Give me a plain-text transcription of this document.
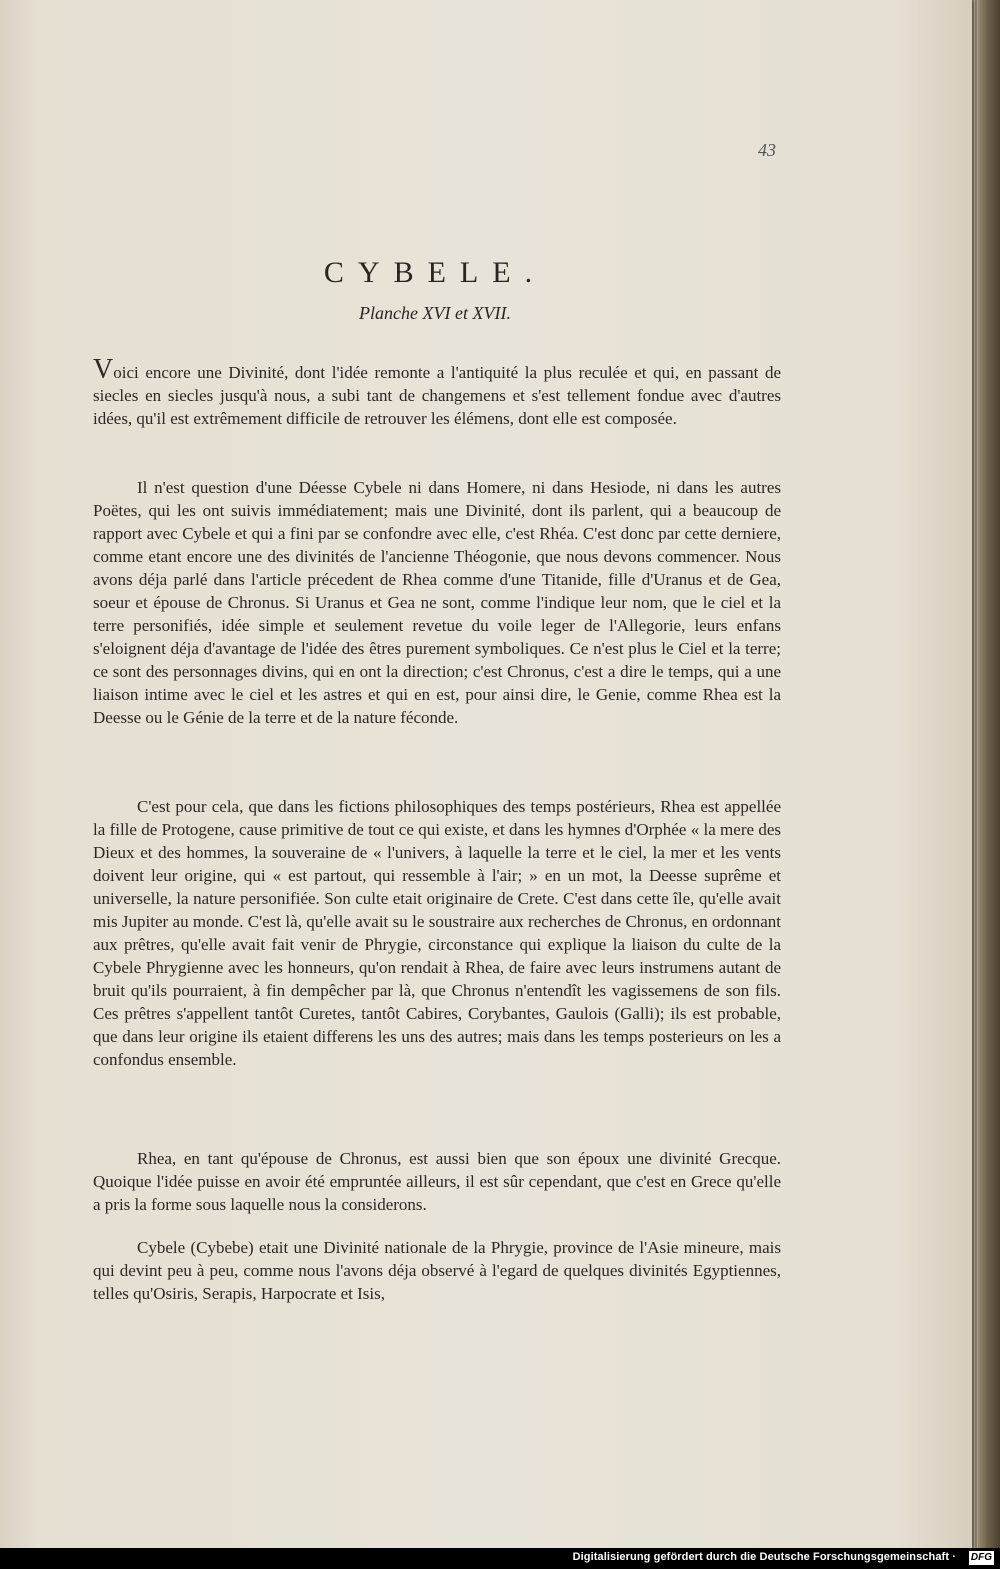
43
CYBELE.
Planche XVI et XVII.

Voici encore une Divinité, dont l'idée remonte a l'antiquité la plus reculée et qui, en passant de siecles en siecles jusqu'à nous, a subi tant de changemens et s'est tellement fondue avec d'autres idées, qu'il est extrêmement difficile de retrouver les élémens, dont elle est composée.

Il n'est question d'une Déesse Cybele ni dans Homere, ni dans Hesiode, ni dans les autres Poëtes, qui les ont suivis immédiatement; mais une Divinité, dont ils parlent, qui a beaucoup de rapport avec Cybele et qui a fini par se confondre avec elle, c'est Rhéa. C'est donc par cette derniere, comme etant encore une des divinités de l'ancienne Théogonie, que nous devons commencer. Nous avons déja parlé dans l'article précedent de Rhea comme d'une Titanide, fille d'Uranus et de Gea, soeur et épouse de Chronus. Si Uranus et Gea ne sont, comme l'indique leur nom, que le ciel et la terre personifiés, idée simple et seulement revetue du voile leger de l'Allegorie, leurs enfans s'eloignent déja d'avantage de l'idée des êtres purement symboliques. Ce n'est plus le Ciel et la terre; ce sont des personnages divins, qui en ont la direction; c'est Chronus, c'est a dire le temps, qui a une liaison intime avec le ciel et les astres et qui en est, pour ainsi dire, le Genie, comme Rhea est la Deesse ou le Génie de la terre et de la nature féconde.

C'est pour cela, que dans les fictions philosophiques des temps postérieurs, Rhea est appellée la fille de Protogene, cause primitive de tout ce qui existe, et dans les hymnes d'Orphée « la mere des Dieux et des hommes, la souveraine de « l'univers, à laquelle la terre et le ciel, la mer et les vents doivent leur origine, qui « est partout, qui ressemble à l'air; » en un mot, la Deesse suprême et universelle, la nature personifiée. Son culte etait originaire de Crete. C'est dans cette île, qu'elle avait mis Jupiter au monde. C'est là, qu'elle avait su le soustraire aux recherches de Chronus, en ordonnant aux prêtres, qu'elle avait fait venir de Phrygie, circonstance qui explique la liaison du culte de la Cybele Phrygienne avec les honneurs, qu'on rendait à Rhea, de faire avec leurs instrumens autant de bruit qu'ils pourraient, à fin dempêcher par là, que Chronus n'entendît les vagissemens de son fils. Ces prêtres s'appellent tantôt Curetes, tantôt Cabires, Corybantes, Gaulois (Galli); ils est probable, que dans leur origine ils etaient differens les uns des autres; mais dans les temps posterieurs on les a confondus ensemble.

Rhea, en tant qu'épouse de Chronus, est aussi bien que son époux une divinité Grecque. Quoique l'idée puisse en avoir été empruntée ailleurs, il est sûr cependant, que c'est en Grece qu'elle a pris la forme sous laquelle nous la considerons.

Cybele (Cybebe) etait une Divinité nationale de la Phrygie, province de l'Asie mineure, mais qui devint peu à peu, comme nous l'avons déja observé à l'egard de quelques divinités Egyptiennes, telles qu'Osiris, Serapis, Harpocrate et Isis,

Digitalisierung gefördert durch die Deutsche Forschungsgemeinschaft · DFG
